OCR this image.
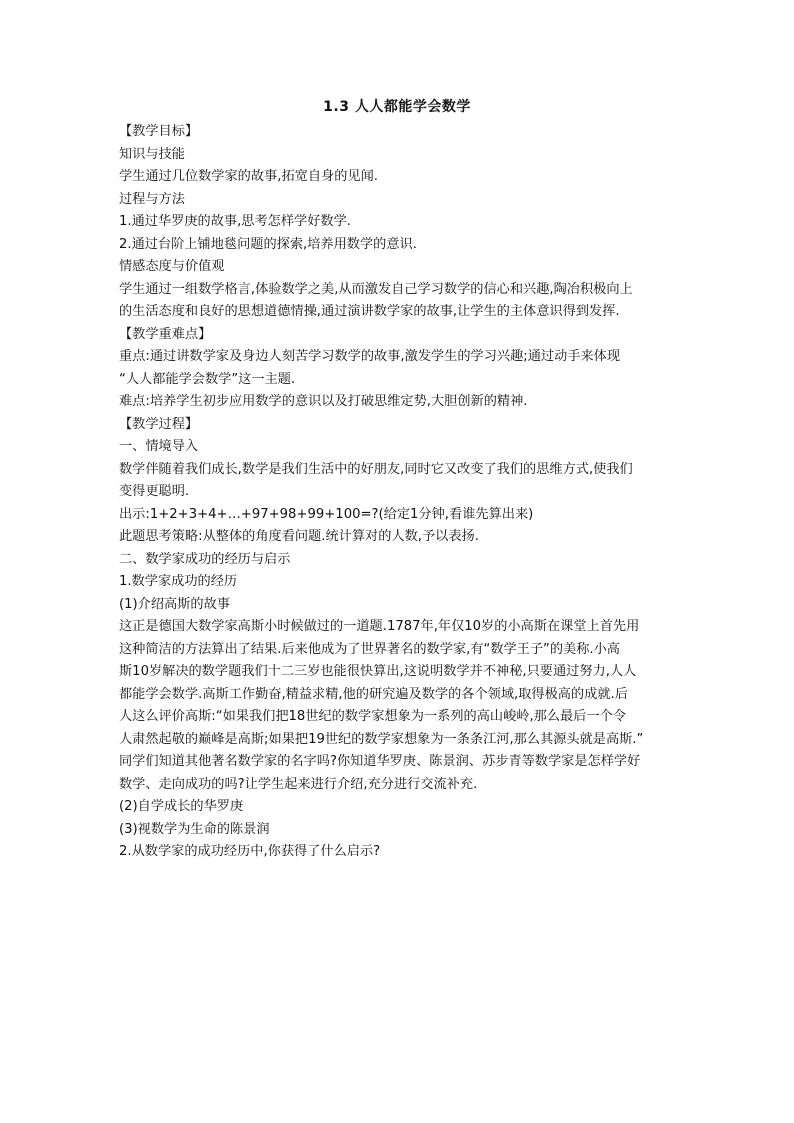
1.3 人人都能学会数学

【教学目标】

知识与技能

学生通过几位数学家的故事,拓宽自身的见闻.

过程与方法

1.通过华罗庚的故事,思考怎样学好数学.

2.通过台阶上铺地毯问题的探索,培养用数学的意识.

情感态度与价值观

学生通过一组数学格言,体验数学之美,从而激发自己学习数学的信心和兴趣,陶冶积极向上

的生活态度和良好的思想道德情操,通过演讲数学家的故事,让学生的主体意识得到发挥.

【教学重难点】

重点:通过讲数学家及身边人刻苦学习数学的故事,激发学生的学习兴趣;通过动手来体现

“人人都能学会数学”这一主题.

难点:培养学生初步应用数学的意识以及打破思维定势,大胆创新的精神.

【教学过程】

一、情境导入

数学伴随着我们成长,数学是我们生活中的好朋友,同时它又改变了我们的思维方式,使我们

变得更聪明.

出示:1+2+3+4+…+97+98+99+100=?(给定1分钟,看谁先算出来)

此题思考策略:从整体的角度看问题.统计算对的人数,予以表扬.

二、数学家成功的经历与启示

1.数学家成功的经历

(1)介绍高斯的故事

这正是德国大数学家高斯小时候做过的一道题.1787年,年仅10岁的小高斯在课堂上首先用

这种简洁的方法算出了结果.后来他成为了世界著名的数学家,有“数学王子”的美称.小高

斯10岁解决的数学题我们十二三岁也能很快算出,这说明数学并不神秘,只要通过努力,人人

都能学会数学.高斯工作勤奋,精益求精,他的研究遍及数学的各个领域,取得极高的成就.后

人这么评价高斯:“如果我们把18世纪的数学家想象为一系列的高山峻岭,那么最后一个令

人肃然起敬的巅峰是高斯;如果把19世纪的数学家想象为一条条江河,那么其源头就是高斯.”

同学们知道其他著名数学家的名字吗?你知道华罗庚、陈景润、苏步青等数学家是怎样学好

数学、走向成功的吗?让学生起来进行介绍,充分进行交流补充.

(2)自学成长的华罗庚

(3)视数学为生命的陈景润

2.从数学家的成功经历中,你获得了什么启示?
